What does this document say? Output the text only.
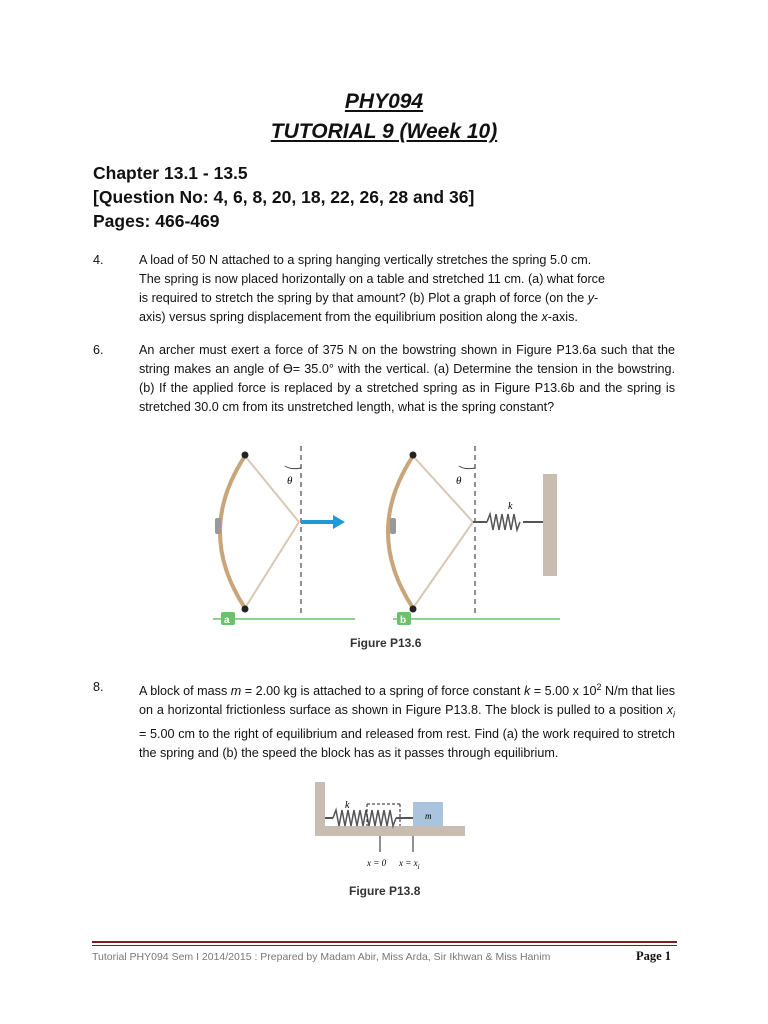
PHY094
TUTORIAL 9 (Week 10)
Chapter 13.1 - 13.5
[Question No: 4, 6, 8, 20, 18, 22, 26, 28 and 36]
Pages: 466-469
4.	A load of 50 N attached to a spring hanging vertically stretches the spring 5.0 cm.
The spring is now placed horizontally on a table and stretched 11 cm. (a) what force
is required to stretch the spring by that amount? (b) Plot a graph of force (on the y-
axis) versus spring displacement from the equilibrium position along the x-axis.
6.	An archer must exert a force of 375 N on the bowstring shown in Figure P13.6a such that the string makes an angle of ϴ= 35.0° with the vertical. (a) Determine the tension in the bowstring. (b) If the applied force is replaced by a stretched spring as in Figure P13.6b and the spring is stretched 30.0 cm from its unstretched length, what is the spring constant?
θ	θ
k
a	b
Figure P13.6
8.	A block of mass m = 2.00 kg is attached to a spring of force constant k = 5.00 x $10^2$ N/m that lies on a horizontal frictionless surface as shown in Figure P13.8. The block is pulled to a position $x_i = 5.00$ cm to the right of equilibrium and released from rest. Find (a) the work required to stretch the spring and (b) the speed the block has as it passes through equilibrium.
m
k
x = 0 $x = x_i$
Figure P13.8
Tutorial PHY094 Sem I 2014/2015 : Prepared by Madam Abir, Miss Arda, Sir Ikhwan & Miss Hanim	Page 1
